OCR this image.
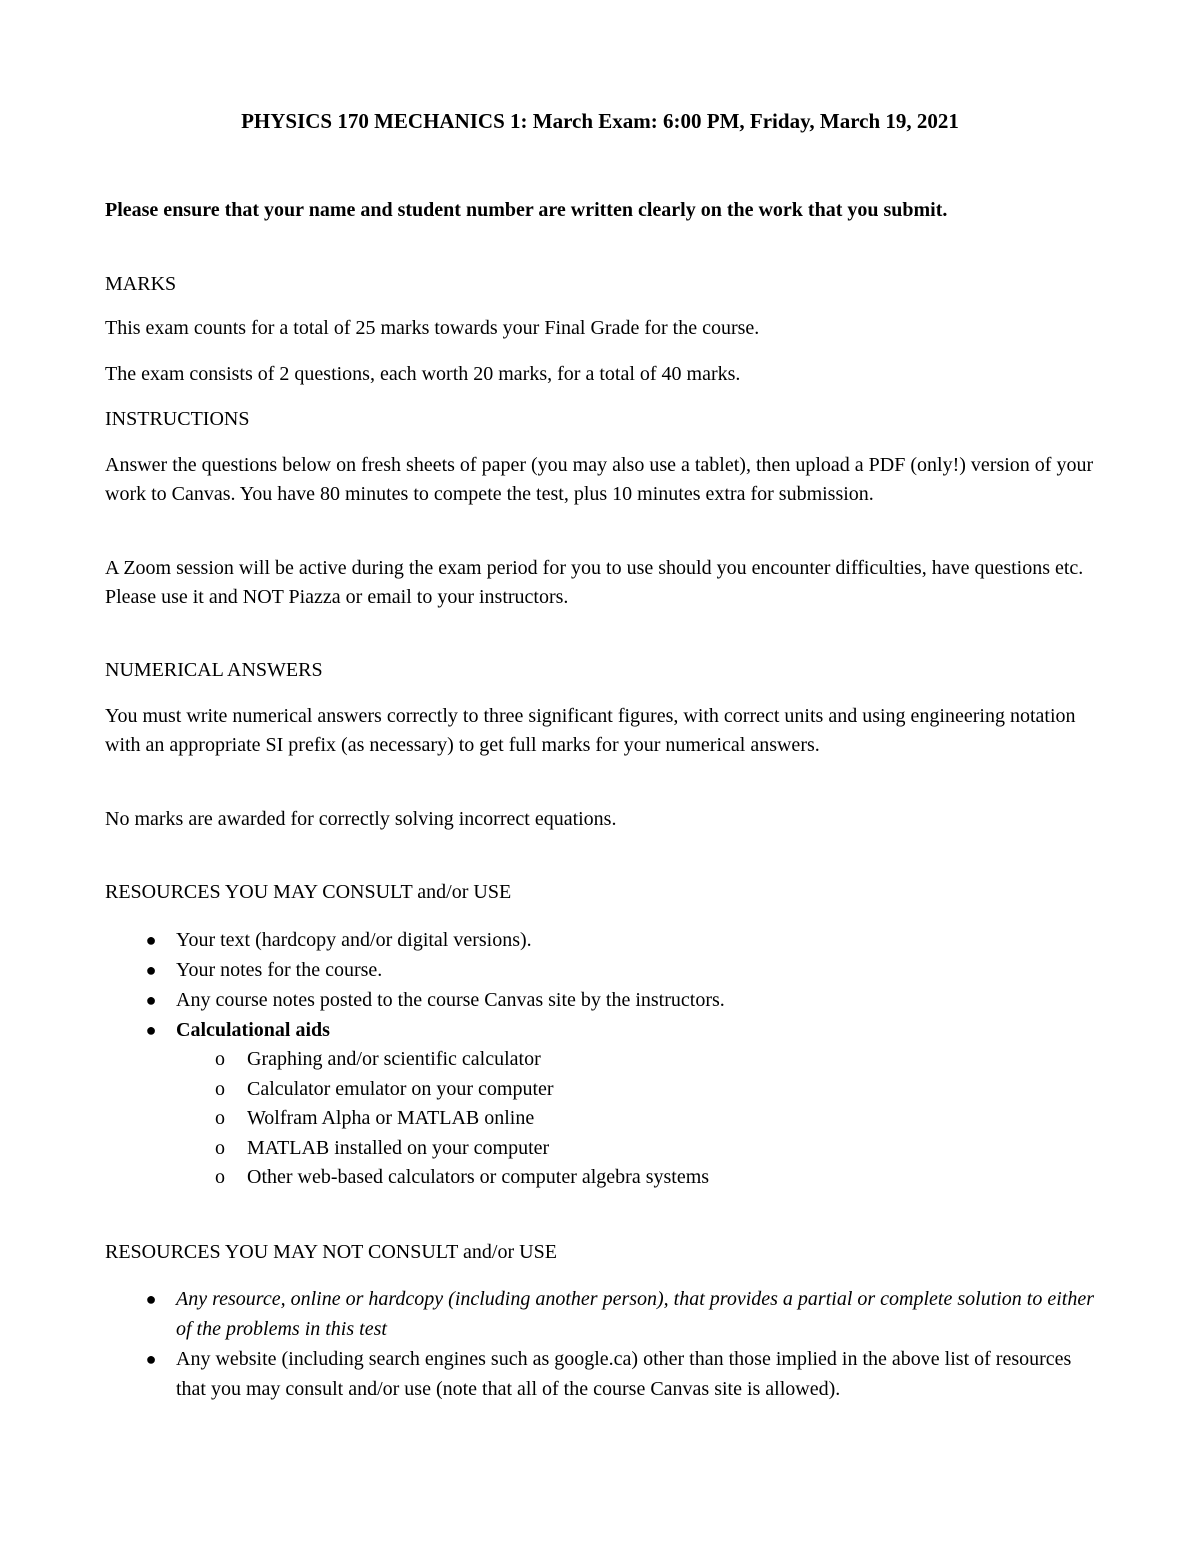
PHYSICS 170 MECHANICS 1: March Exam: 6:00 PM, Friday, March 19, 2021

Please ensure that your name and student number are written clearly on the work that you submit.

MARKS

This exam counts for a total of 25 marks towards your Final Grade for the course.

The exam consists of 2 questions, each worth 20 marks, for a total of 40 marks.

INSTRUCTIONS

Answer the questions below on fresh sheets of paper (you may also use a tablet), then upload a PDF (only!) version of your work to Canvas. You have 80 minutes to compete the test, plus 10 minutes extra for submission.

A Zoom session will be active during the exam period for you to use should you encounter difficulties, have questions etc. Please use it and NOT Piazza or email to your instructors.

NUMERICAL ANSWERS

You must write numerical answers correctly to three significant figures, with correct units and using engineering notation with an appropriate SI prefix (as necessary) to get full marks for your numerical answers.

No marks are awarded for correctly solving incorrect equations.

RESOURCES YOU MAY CONSULT and/or USE

● Your text (hardcopy and/or digital versions).
● Your notes for the course.
● Any course notes posted to the course Canvas site by the instructors.
● Calculational aids
o Graphing and/or scientific calculator
o Calculator emulator on your computer
o Wolfram Alpha or MATLAB online
o MATLAB installed on your computer
o Other web-based calculators or computer algebra systems

RESOURCES YOU MAY NOT CONSULT and/or USE

● Any resource, online or hardcopy (including another person), that provides a partial or complete solution to either of the problems in this test
● Any website (including search engines such as google.ca) other than those implied in the above list of resources that you may consult and/or use (note that all of the course Canvas site is allowed).
